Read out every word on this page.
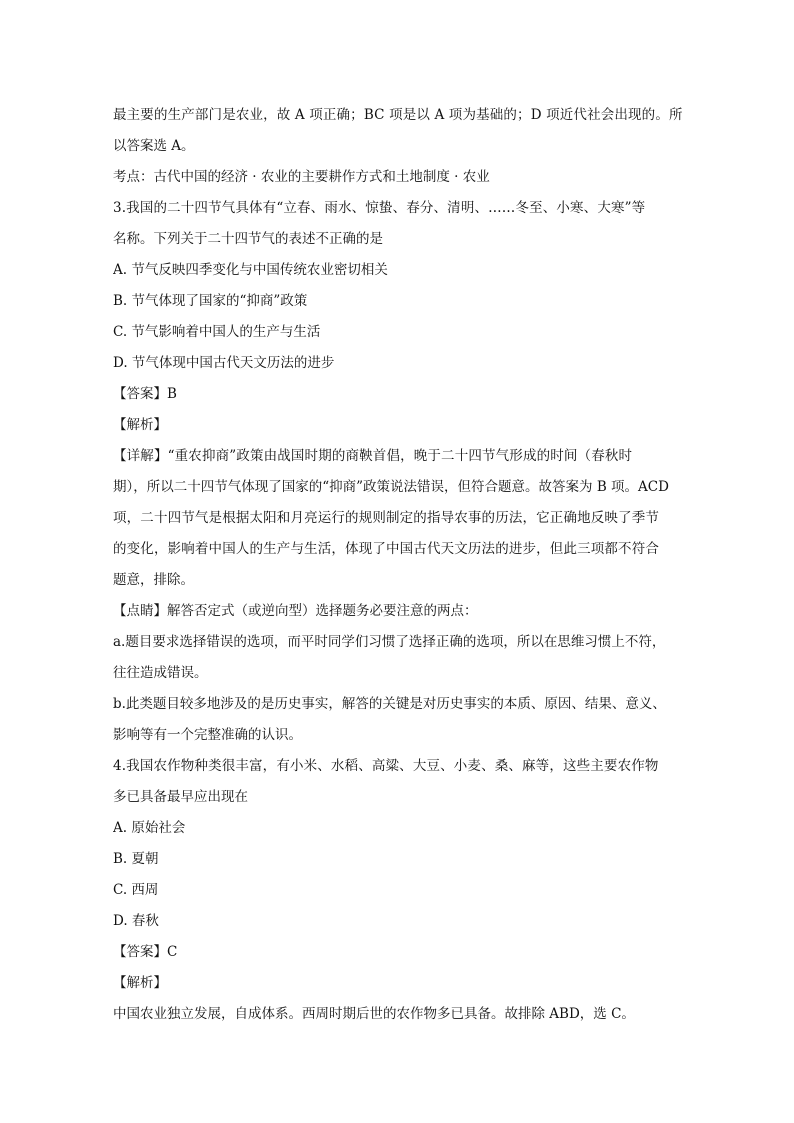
最主要的生产部门是农业，故 A 项正确；BC 项是以 A 项为基础的；D 项近代社会出现的。所
以答案选 A。
考点：古代中国的经济 · 农业的主要耕作方式和土地制度 · 农业
3.我国的二十四节气具体有“立春、雨水、惊蛰、春分、清明、……冬至、小寒、大寒”等
名称。下列关于二十四节气的表述不正确的是
A. 节气反映四季变化与中国传统农业密切相关
B. 节气体现了国家的“抑商”政策
C. 节气影响着中国人的生产与生活
D. 节气体现中国古代天文历法的进步
【答案】B
【解析】
【详解】“重农抑商”政策由战国时期的商鞅首倡，晚于二十四节气形成的时间（春秋时
期），所以二十四节气体现了国家的“抑商”政策说法错误，但符合题意。故答案为 B 项。ACD
项，二十四节气是根据太阳和月亮运行的规则制定的指导农事的历法，它正确地反映了季节
的变化，影响着中国人的生产与生活，体现了中国古代天文历法的进步，但此三项都不符合
题意，排除。
【点睛】解答否定式（或逆向型）选择题务必要注意的两点：
a.题目要求选择错误的选项，而平时同学们习惯了选择正确的选项，所以在思维习惯上不符，
往往造成错误。
b.此类题目较多地涉及的是历史事实，解答的关键是对历史事实的本质、原因、结果、意义、
影响等有一个完整准确的认识。
4.我国农作物种类很丰富，有小米、水稻、高粱、大豆、小麦、桑、麻等，这些主要农作物
多已具备最早应出现在
A. 原始社会
B. 夏朝
C. 西周
D. 春秋
【答案】C
【解析】
中国农业独立发展，自成体系。西周时期后世的农作物多已具备。故排除 ABD，选 C。
